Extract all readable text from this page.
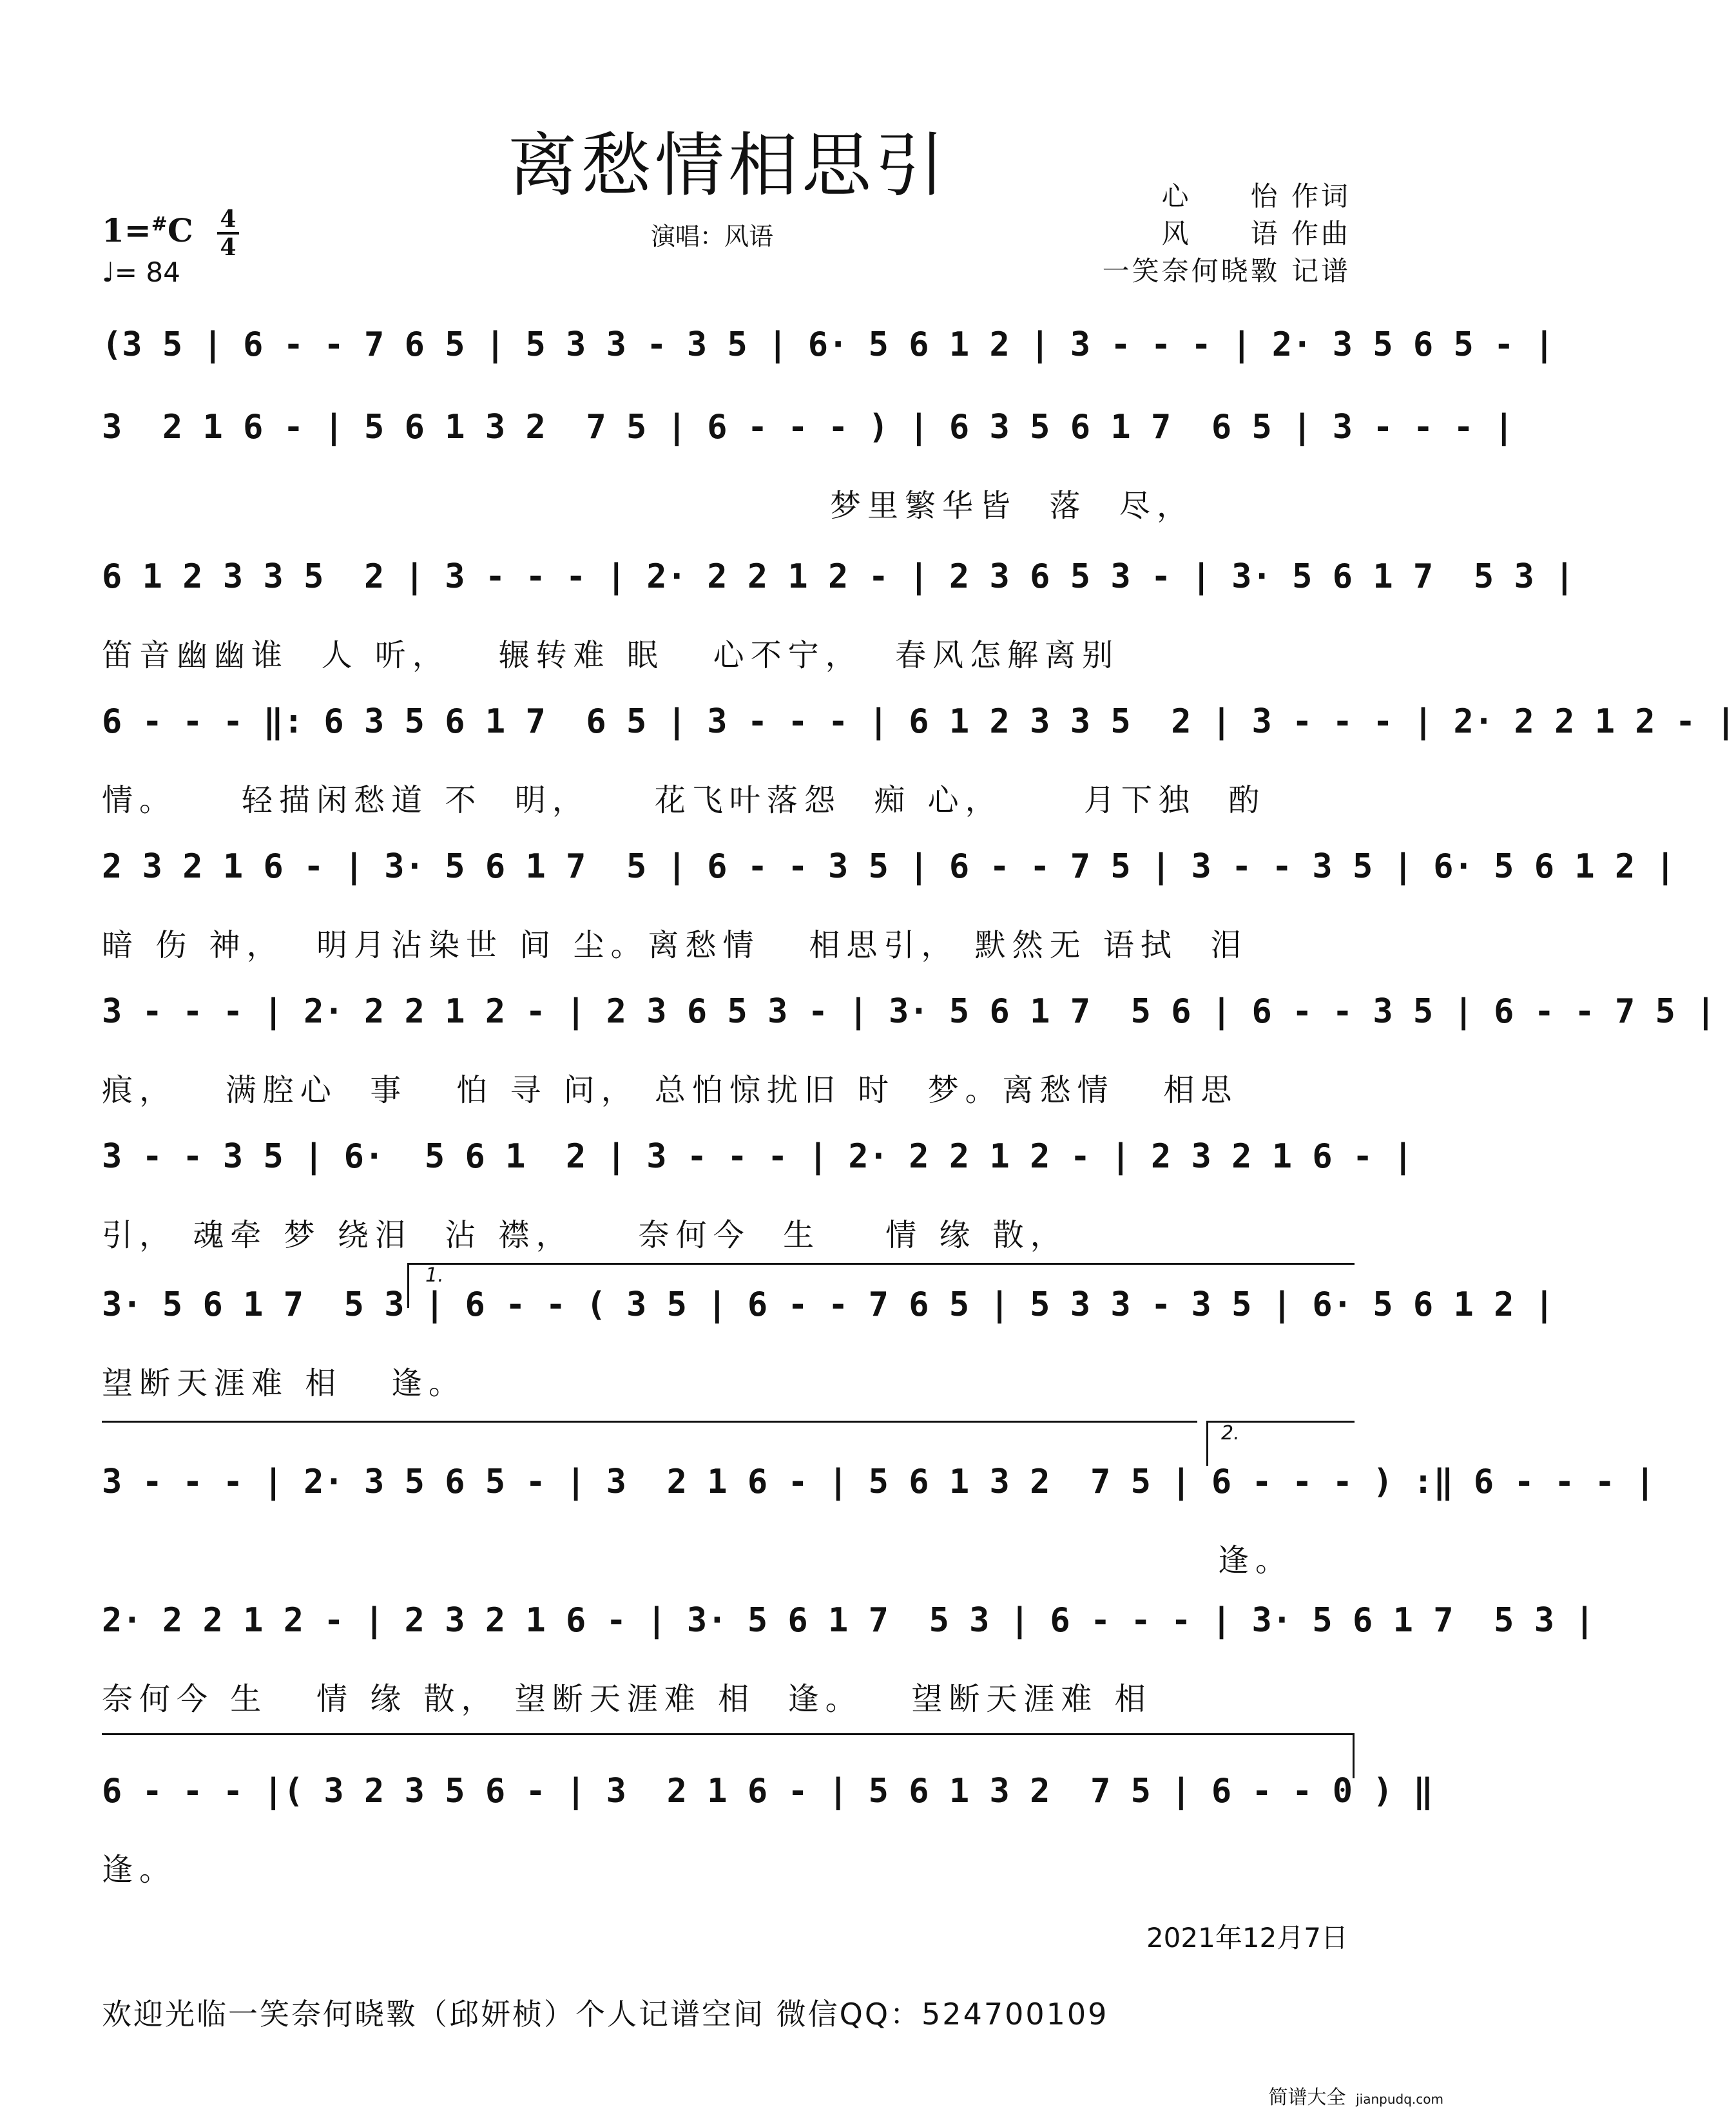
离愁情相思引
$1=^{\#}C \frac{4}{4}$
♩= 84
演唱：风语
心　　怡 作词
风　　语 作曲
一笑奈何晓斁 记谱
(3 5 | 6 - - 7 6 5 | 5 3 3 - 3 5 | 6· 5 6 1 2 | 3 - - - | 2· 3 5 6 5 - |
3  2 1 6 - | 5 6 1 3 2  7 5 | 6 - - - ) | 6 3 5 6 1 7  6 5 | 3 - - - |
梦里繁华皆  落  尽，
6 1 2 3 3 5  2 | 3 - - - | 2· 2 2 1 2 - | 2 3 6 5 3 - | 3· 5 6 1 7  5 3 |
笛音幽幽谁  人 听，   辗转难 眠   心不宁，  春风怎解离别
6 - - - ‖: 6 3 5 6 1 7  6 5 | 3 - - - | 6 1 2 3 3 5  2 | 3 - - - | 2· 2 2 1 2 - |
情。    轻描闲愁道 不  明，    花飞叶落怨  痴 心，     月下独  酌
2 3 2 1 6 - | 3· 5 6 1 7  5 | 6 - - 3 5 | 6 - - 7 5 | 3 - - 3 5 | 6· 5 6 1 2 |
暗 伤 神，  明月沾染世 间 尘。离愁情   相思引， 默然无 语拭  泪
3 - - - | 2· 2 2 1 2 - | 2 3 6 5 3 - | 3· 5 6 1 7  5 6 | 6 - - 3 5 | 6 - - 7 5 |
痕，   满腔心  事   怕 寻 问， 总怕惊扰旧 时  梦。离愁情   相思
3 - - 3 5 | 6·  5 6 1  2 | 3 - - - | 2· 2 2 1 2 - | 2 3 2 1 6 - |
引， 魂牵 梦 绕泪  沾 襟，    奈何今  生    情 缘 散，
1.
3· 5 6 1 7  5 3 | 6 - - ( 3 5 | 6 - - 7 6 5 | 5 3 3 - 3 5 | 6· 5 6 1 2 |
望断天涯难 相   逢。
2.
3 - - - | 2· 3 5 6 5 - | 3  2 1 6 - | 5 6 1 3 2  7 5 | 6 - - - ) :‖ 6 - - - |
逢。
2· 2 2 1 2 - | 2 3 2 1 6 - | 3· 5 6 1 7  5 3 | 6 - - - | 3· 5 6 1 7  5 3 |
奈何今 生   情 缘 散， 望断天涯难 相  逢。   望断天涯难 相
6 - - - |( 3 2 3 5 6 - | 3  2 1 6 - | 5 6 1 3 2  7 5 | 6 - - 0 ) ‖
逢。
2021年12月7日
欢迎光临一笑奈何晓斁（邱妍桢）个人记谱空间 微信QQ：524700109
简谱大全 jianpudq.com
